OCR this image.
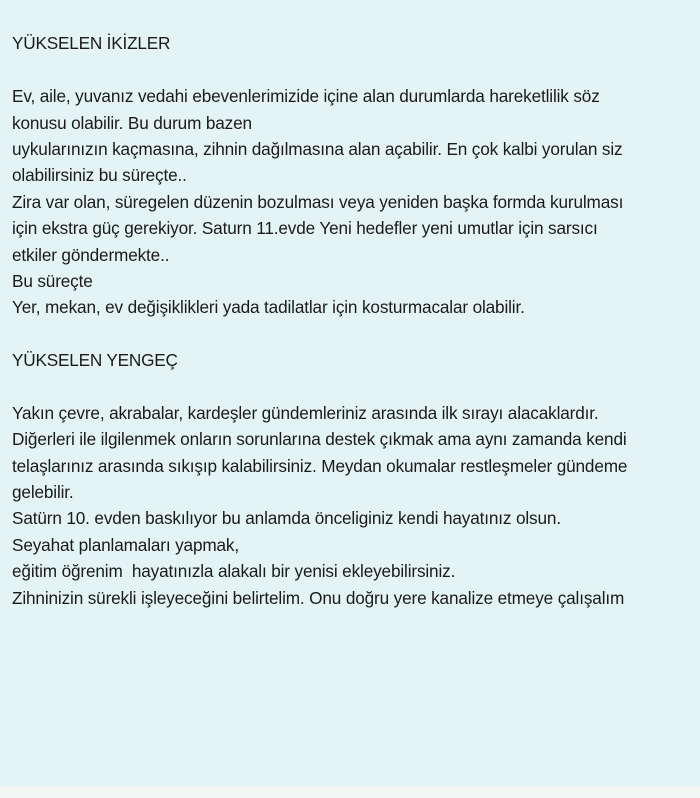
YÜKSELEN İKİZLER
Ev, aile, yuvanız vedahi ebevenlerimizide içine alan durumlarda hareketlilik söz
konusu olabilir. Bu durum bazen
uykularınızın kaçmasına, zihnin dağılmasına alan açabilir. En çok kalbi yorulan siz
olabilirsiniz bu süreçte..
Zira var olan, süregelen düzenin bozulması veya yeniden başka formda kurulması
için ekstra güç gerekiyor. Saturn 11.evde Yeni hedefler yeni umutlar için sarsıcı
etkiler göndermekte..
Bu süreçte
Yer, mekan, ev değişiklikleri yada tadilatlar için kosturmacalar olabilir.
YÜKSELEN YENGEÇ
Yakın çevre, akrabalar, kardeşler gündemleriniz arasında ilk sırayı alacaklardır.
Diğerleri ile ilgilenmek onların sorunlarına destek çıkmak ama aynı zamanda kendi
telaşlarınız arasında sıkışıp kalabilirsiniz. Meydan okumalar restleşmeler gündeme
gelebilir.
Satürn 10. evden baskılıyor bu anlamda önceliginiz kendi hayatınız olsun.
Seyahat planlamaları yapmak,
eğitim öğrenim  hayatınızla alakalı bir yenisi ekleyebilirsiniz.
Zihninizin sürekli işleyeceğini belirtelim. Onu doğru yere kanalize etmeye çalışalım
